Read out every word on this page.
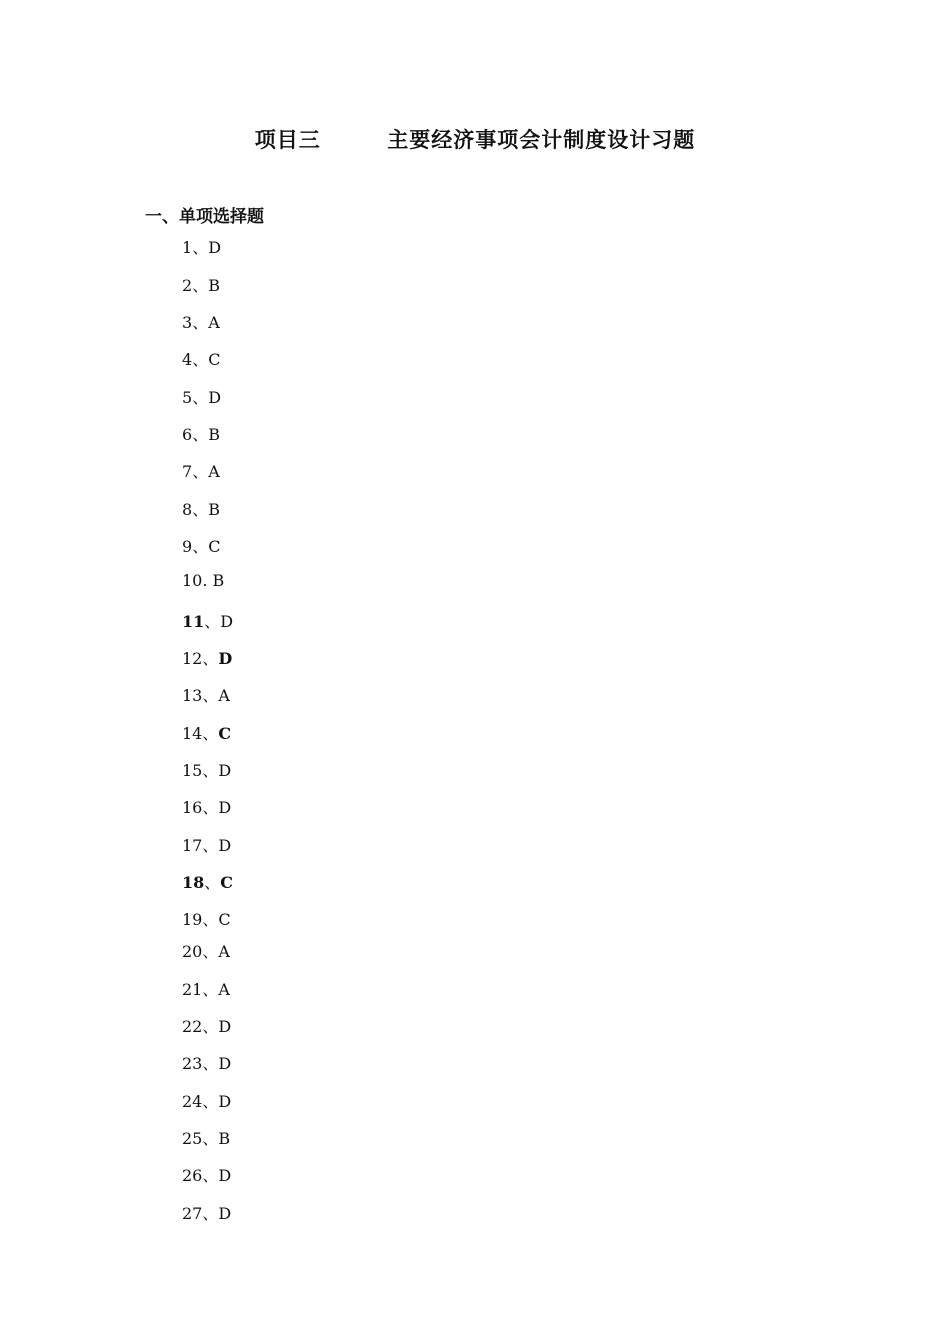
项目三        主要经济事项会计制度设计习题
一、单项选择题
1、D
2、B
3、A
4、C
5、D
6、B
7、A
8、B
9、C
10. B
11、D
12、D
13、A
14、C
15、D
16、D
17、D
18、C
19、C
20、A
21、A
22、D
23、D
24、D
25、B
26、D
27、D
